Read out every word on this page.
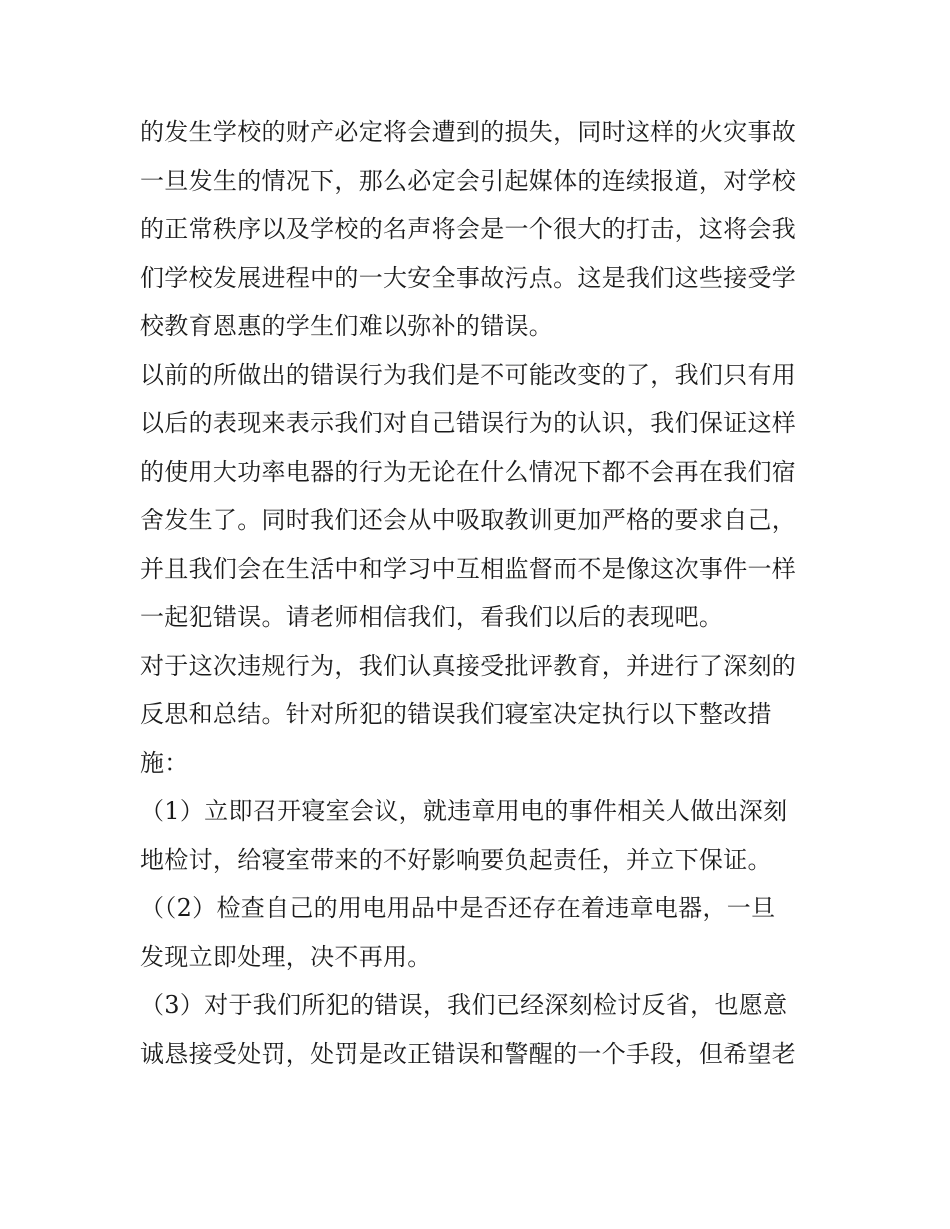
的发生学校的财产必定将会遭到的损失，同时这样的火灾事故
一旦发生的情况下，那么必定会引起媒体的连续报道，对学校
的正常秩序以及学校的名声将会是一个很大的打击，这将会我
们学校发展进程中的一大安全事故污点。这是我们这些接受学
校教育恩惠的学生们难以弥补的错误。
以前的所做出的错误行为我们是不可能改变的了，我们只有用
以后的表现来表示我们对自己错误行为的认识，我们保证这样
的使用大功率电器的行为无论在什么情况下都不会再在我们宿
舍发生了。同时我们还会从中吸取教训更加严格的要求自己，
并且我们会在生活中和学习中互相监督而不是像这次事件一样
一起犯错误。请老师相信我们，看我们以后的表现吧。
对于这次违规行为，我们认真接受批评教育，并进行了深刻的
反思和总结。针对所犯的错误我们寝室决定执行以下整改措
施：
（1）立即召开寝室会议，就违章用电的事件相关人做出深刻
地检讨，给寝室带来的不好影响要负起责任，并立下保证。
（（2）检查自己的用电用品中是否还存在着违章电器，一旦
发现立即处理，决不再用。
（3）对于我们所犯的错误，我们已经深刻检讨反省，也愿意
诚恳接受处罚，处罚是改正错误和警醒的一个手段，但希望老
